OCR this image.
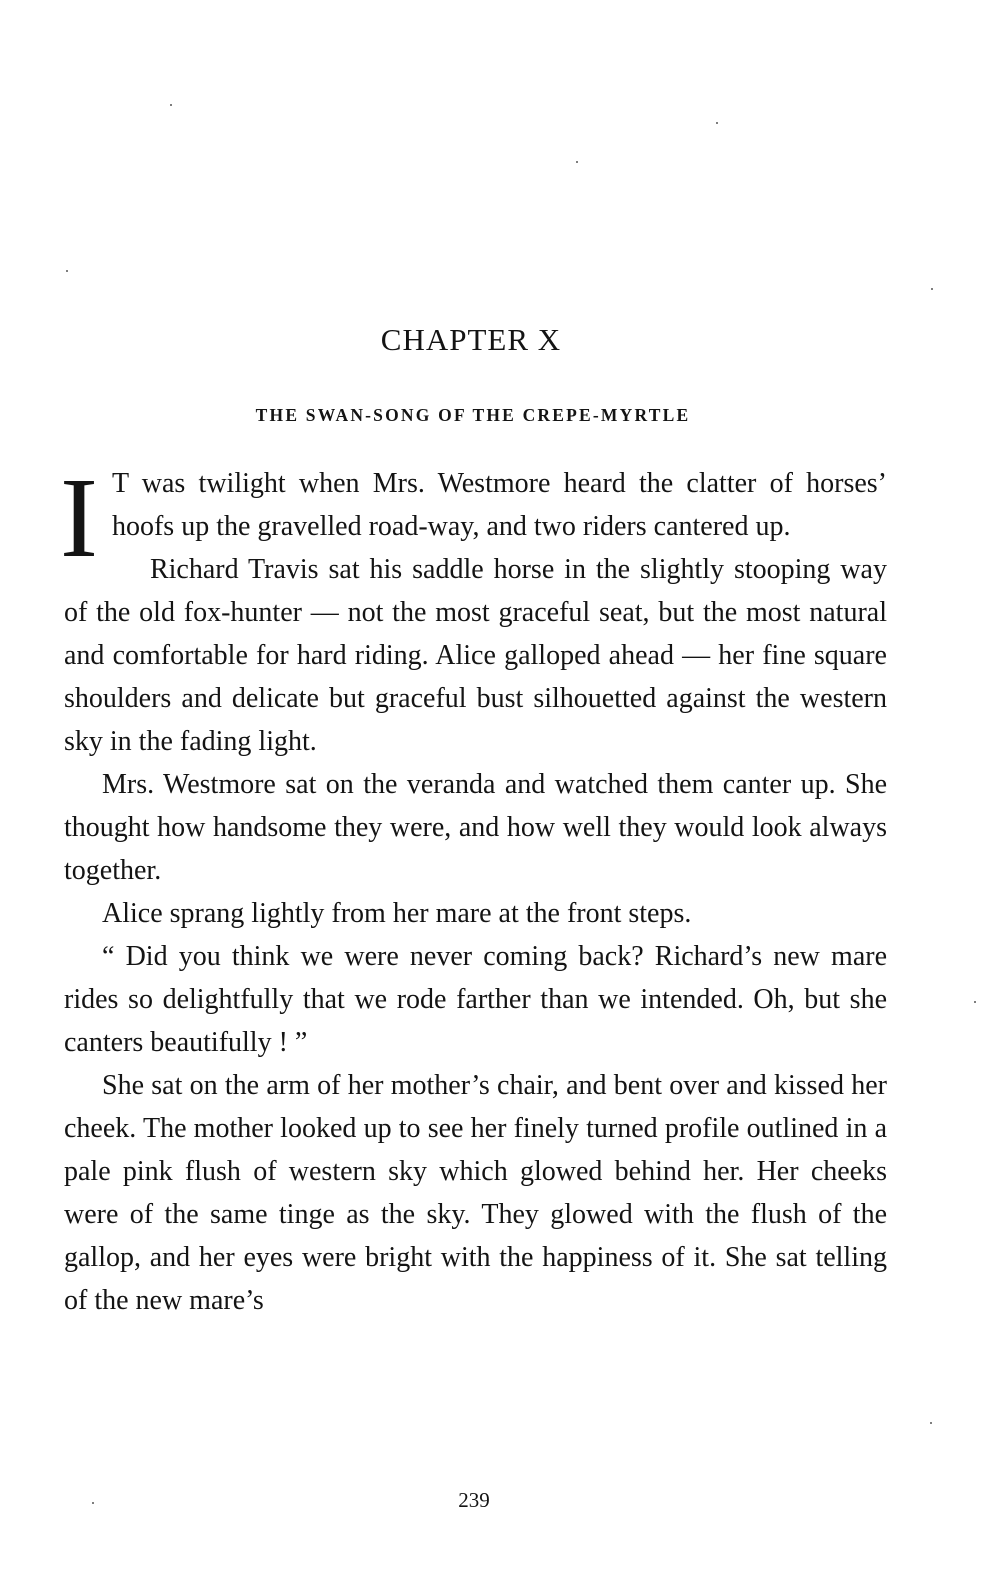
CHAPTER X
THE SWAN-SONG OF THE CREPE-MYRTLE

I T was twilight when Mrs. Westmore heard the clatter of horses’ hoofs up the gravelled road-way, and two riders cantered up.

Richard Travis sat his saddle horse in the slightly stooping way of the old fox-hunter — not the most graceful seat, but the most natural and comfortable for hard riding. Alice galloped ahead — her fine square shoulders and delicate but graceful bust silhouetted against the western sky in the fading light.

Mrs. Westmore sat on the veranda and watched them canter up. She thought how handsome they were, and how well they would look always together.

Alice sprang lightly from her mare at the front steps.

“ Did you think we were never coming back? Richard’s new mare rides so delightfully that we rode farther than we intended. Oh, but she canters beautifully ! ”

She sat on the arm of her mother’s chair, and bent over and kissed her cheek. The mother looked up to see her finely turned profile outlined in a pale pink flush of western sky which glowed behind her. Her cheeks were of the same tinge as the sky. They glowed with the flush of the gallop, and her eyes were bright with the happiness of it. She sat telling of the new mare’s

239
